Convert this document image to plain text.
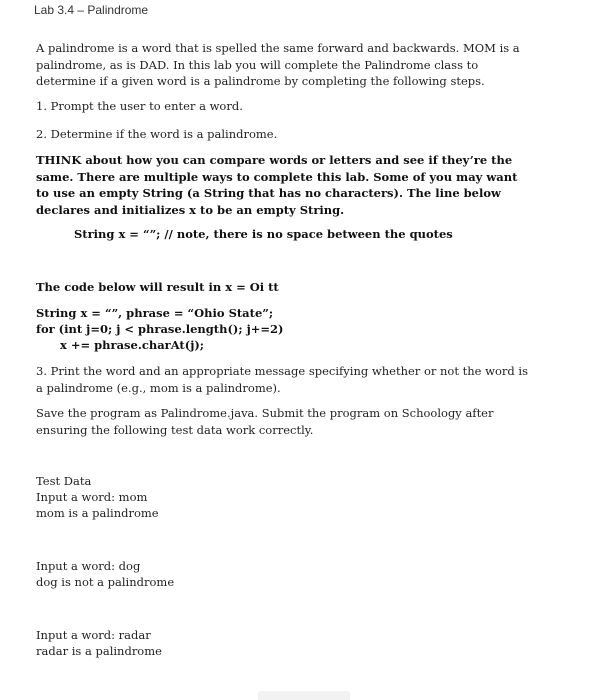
Lab 3.4 – Palindrome

A palindrome is a word that is spelled the same forward and backwards. MOM is a palindrome, as is DAD. In this lab you will complete the Palindrome class to determine if a given word is a palindrome by completing the following steps.

1. Prompt the user to enter a word.

2. Determine if the word is a palindrome.

THINK about how you can compare words or letters and see if they’re the same. There are multiple ways to complete this lab. Some of you may want to use an empty String (a String that has no characters). The line below declares and initializes x to be an empty String.

String x = “”; // note, there is no space between the quotes
The code below will result in x = Oi tt
String x = “”, phrase = “Ohio State”;
for (int j=0; j < phrase.length(); j+=2)
x += phrase.charAt(j);

3. Print the word and an appropriate message specifying whether or not the word is a palindrome (e.g., mom is a palindrome).

Save the program as Palindrome.java. Submit the program on Schoology after ensuring the following test data work correctly.

Test Data
Input a word: mom
mom is a palindrome
Input a word: dog
dog is not a palindrome
Input a word: radar
radar is a palindrome
